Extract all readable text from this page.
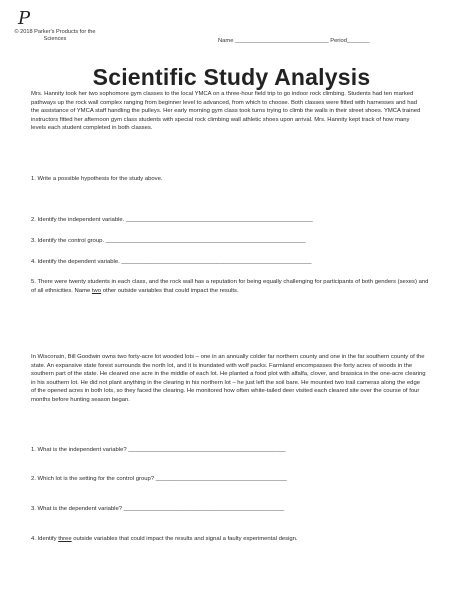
P
© 2018 Parker's Products for the Sciences	Name _____________________________ Period_______
Scientific Study Analysis
Mrs. Hannity took her two sophomore gym classes to the local YMCA on a three-hour field trip to go indoor rock climbing. Students had ten marked pathways up the rock wall complex ranging from beginner level to advanced, from which to choose. Both classes were fitted with harnesses and had the assistance of YMCA staff handling the pulleys. Her early morning gym class took turns trying to climb the walls in their street shoes. YMCA trained instructors fitted her afternoon gym class students with special rock climbing wall athletic shoes upon arrival. Mrs. Hannity kept track of how many levels each student completed in both classes.
1. Write a possible hypothesis for the study above.
2. Identify the independent variable. _________________________________________________________
3. Identify the control group. _____________________________________________________________
4. Identify the dependent variable. __________________________________________________________
5. There were twenty students in each class, and the rock wall has a reputation for being equally challenging for participants of both genders (sexes) and of all ethnicities. Name two other outside variables that could impact the results.
In Wisconsin, Bill Goodwin owns two forty-acre lot wooded lots – one in an annually colder far northern county and one in the far southern county of the state. An expansive state forest surrounds the north lot, and it is inundated with wolf packs. Farmland encompasses the forty acres of woods in the southern part of the state. He cleared one acre in the middle of each lot. He planted a food plot with alfalfa, clover, and brassica in the one-acre clearing in his southern lot. He did not plant anything in the clearing in his northern lot – he just left the soil bare. He mounted two trail cameras along the edge of the opened acres in both lots, so they faced the clearing. He monitored how often white-tailed deer visited each cleared site over the course of four months before hunting season began.
1. What is the independent variable? ________________________________________________
2. Which lot is the setting for the control group? ________________________________________
3. What is the dependent variable? _________________________________________________
4. Identify three outside variables that could impact the results and signal a faulty experimental design.
